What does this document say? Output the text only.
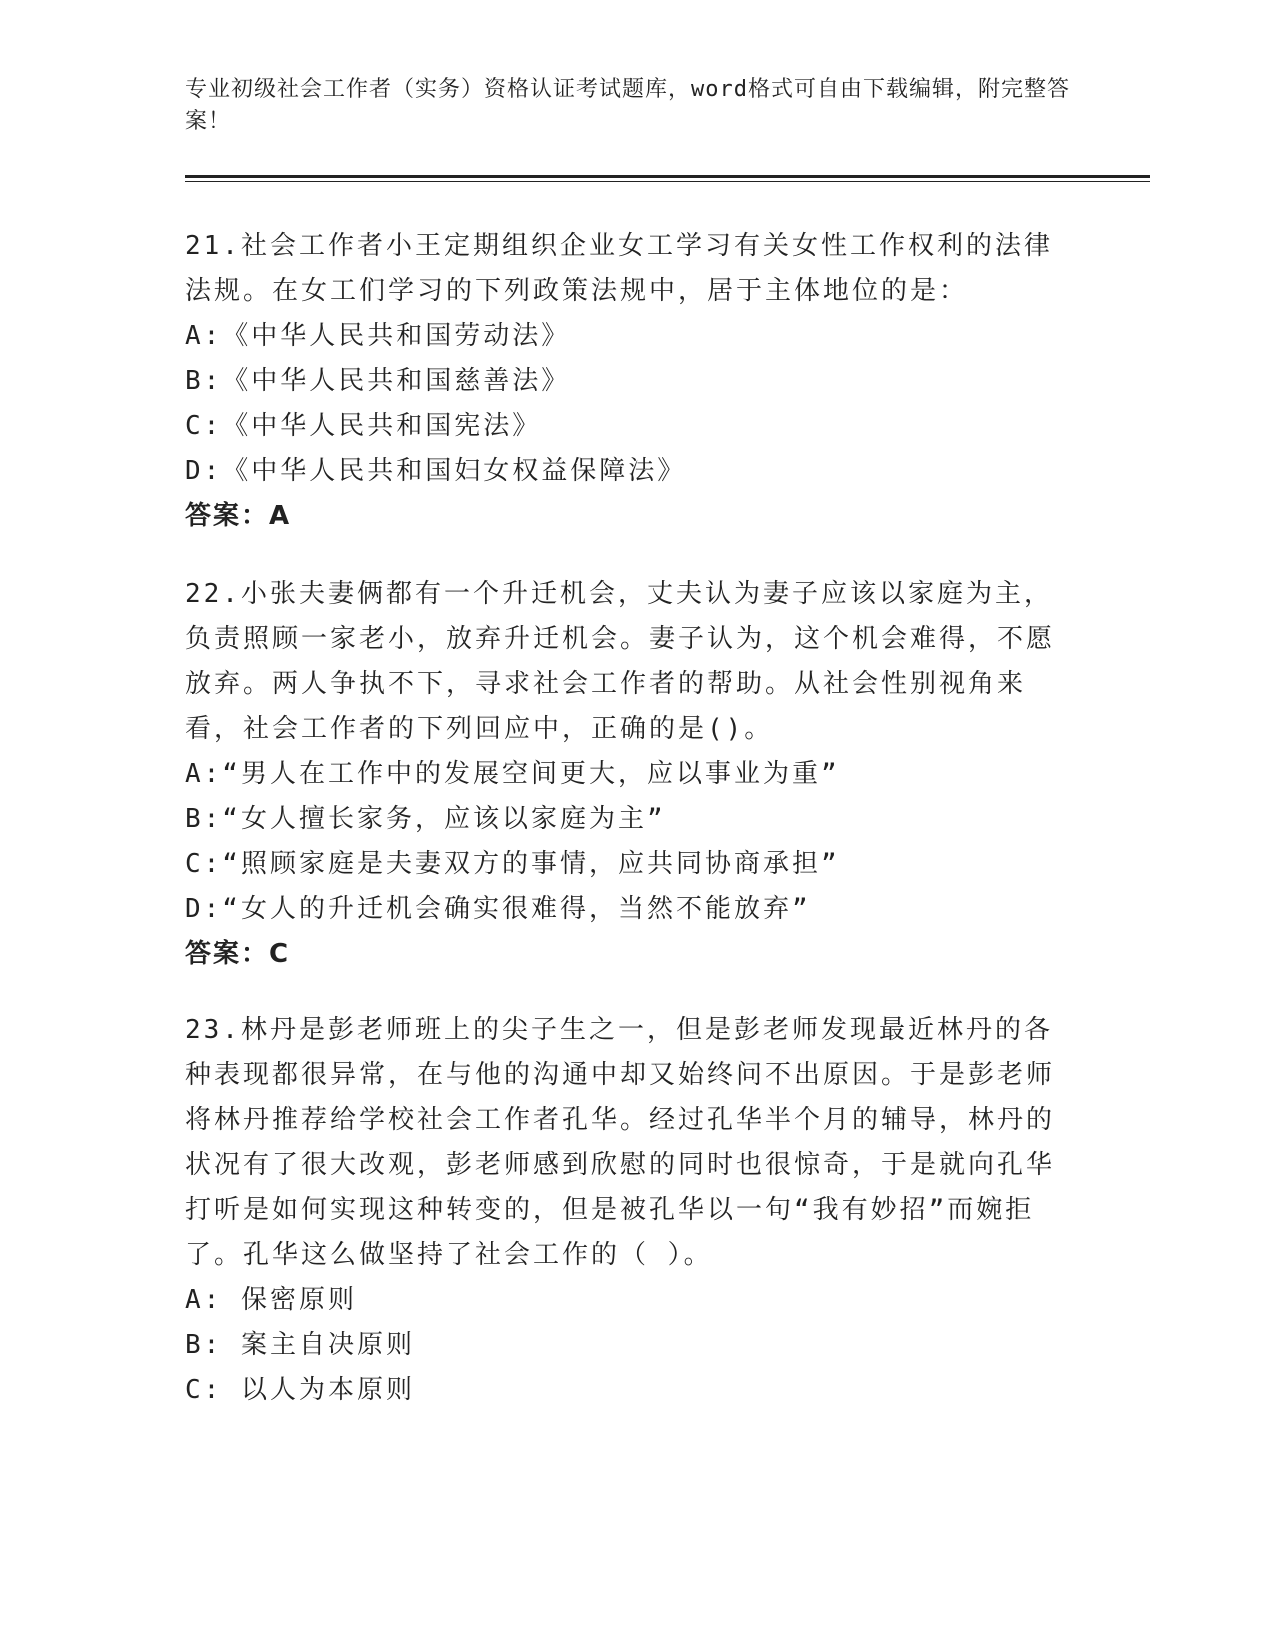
专业初级社会工作者（实务）资格认证考试题库，word格式可自由下载编辑，附完整答案！

21.社会工作者小王定期组织企业女工学习有关女性工作权利的法律法规。在女工们学习的下列政策法规中，居于主体地位的是：

A:《中华人民共和国劳动法》

B:《中华人民共和国慈善法》

C:《中华人民共和国宪法》

D:《中华人民共和国妇女权益保障法》

答案：A

22.小张夫妻俩都有一个升迁机会，丈夫认为妻子应该以家庭为主，负责照顾一家老小，放弃升迁机会。妻子认为，这个机会难得，不愿放弃。两人争执不下，寻求社会工作者的帮助。从社会性别视角来看，社会工作者的下列回应中，正确的是()。

A:“男人在工作中的发展空间更大，应以事业为重”

B:“女人擅长家务，应该以家庭为主”

C:“照顾家庭是夫妻双方的事情，应共同协商承担”

D:“女人的升迁机会确实很难得，当然不能放弃”

答案：C

23.林丹是彭老师班上的尖子生之一，但是彭老师发现最近林丹的各种表现都很异常，在与他的沟通中却又始终问不出原因。于是彭老师将林丹推荐给学校社会工作者孔华。经过孔华半个月的辅导，林丹的状况有了很大改观，彭老师感到欣慰的同时也很惊奇，于是就向孔华打听是如何实现这种转变的，但是被孔华以一句“我有妙招”而婉拒了。孔华这么做坚持了社会工作的（ ）。

A: 保密原则

B: 案主自决原则

C: 以人为本原则
